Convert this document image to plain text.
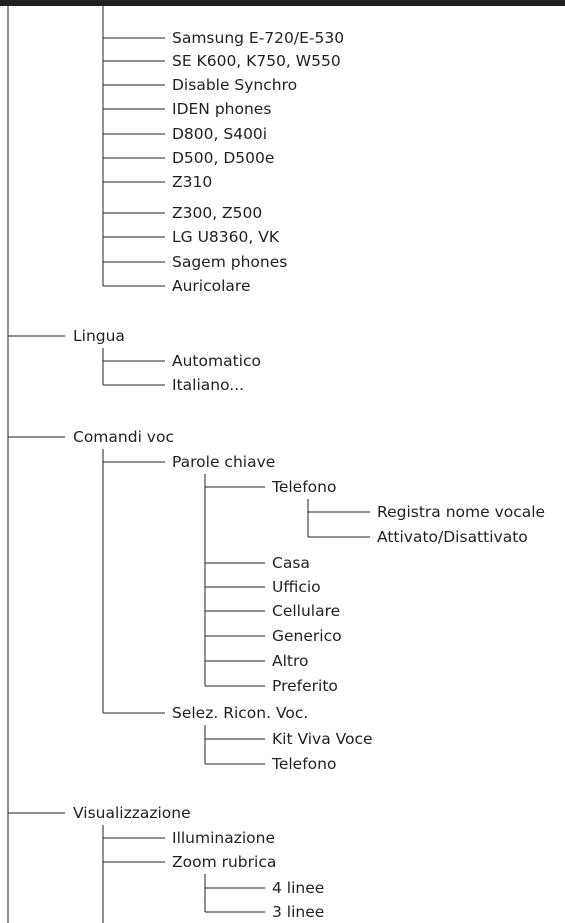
Samsung E-720/E-530
SE K600, K750, W550
Disable Synchro
IDEN phones
D800, S400i
D500, D500e
Z310
Z300, Z500
LG U8360, VK
Sagem phones
Auricolare
Lingua
Automatico
Italiano...
Comandi voc
Parole chiave
Telefono
Registra nome vocale
Attivato/Disattivato
Casa
Ufficio
Cellulare
Generico
Altro
Preferito
Selez. Ricon. Voc.
Kit Viva Voce
Telefono
Visualizzazione
Illuminazione
Zoom rubrica
4 linee
3 linee
